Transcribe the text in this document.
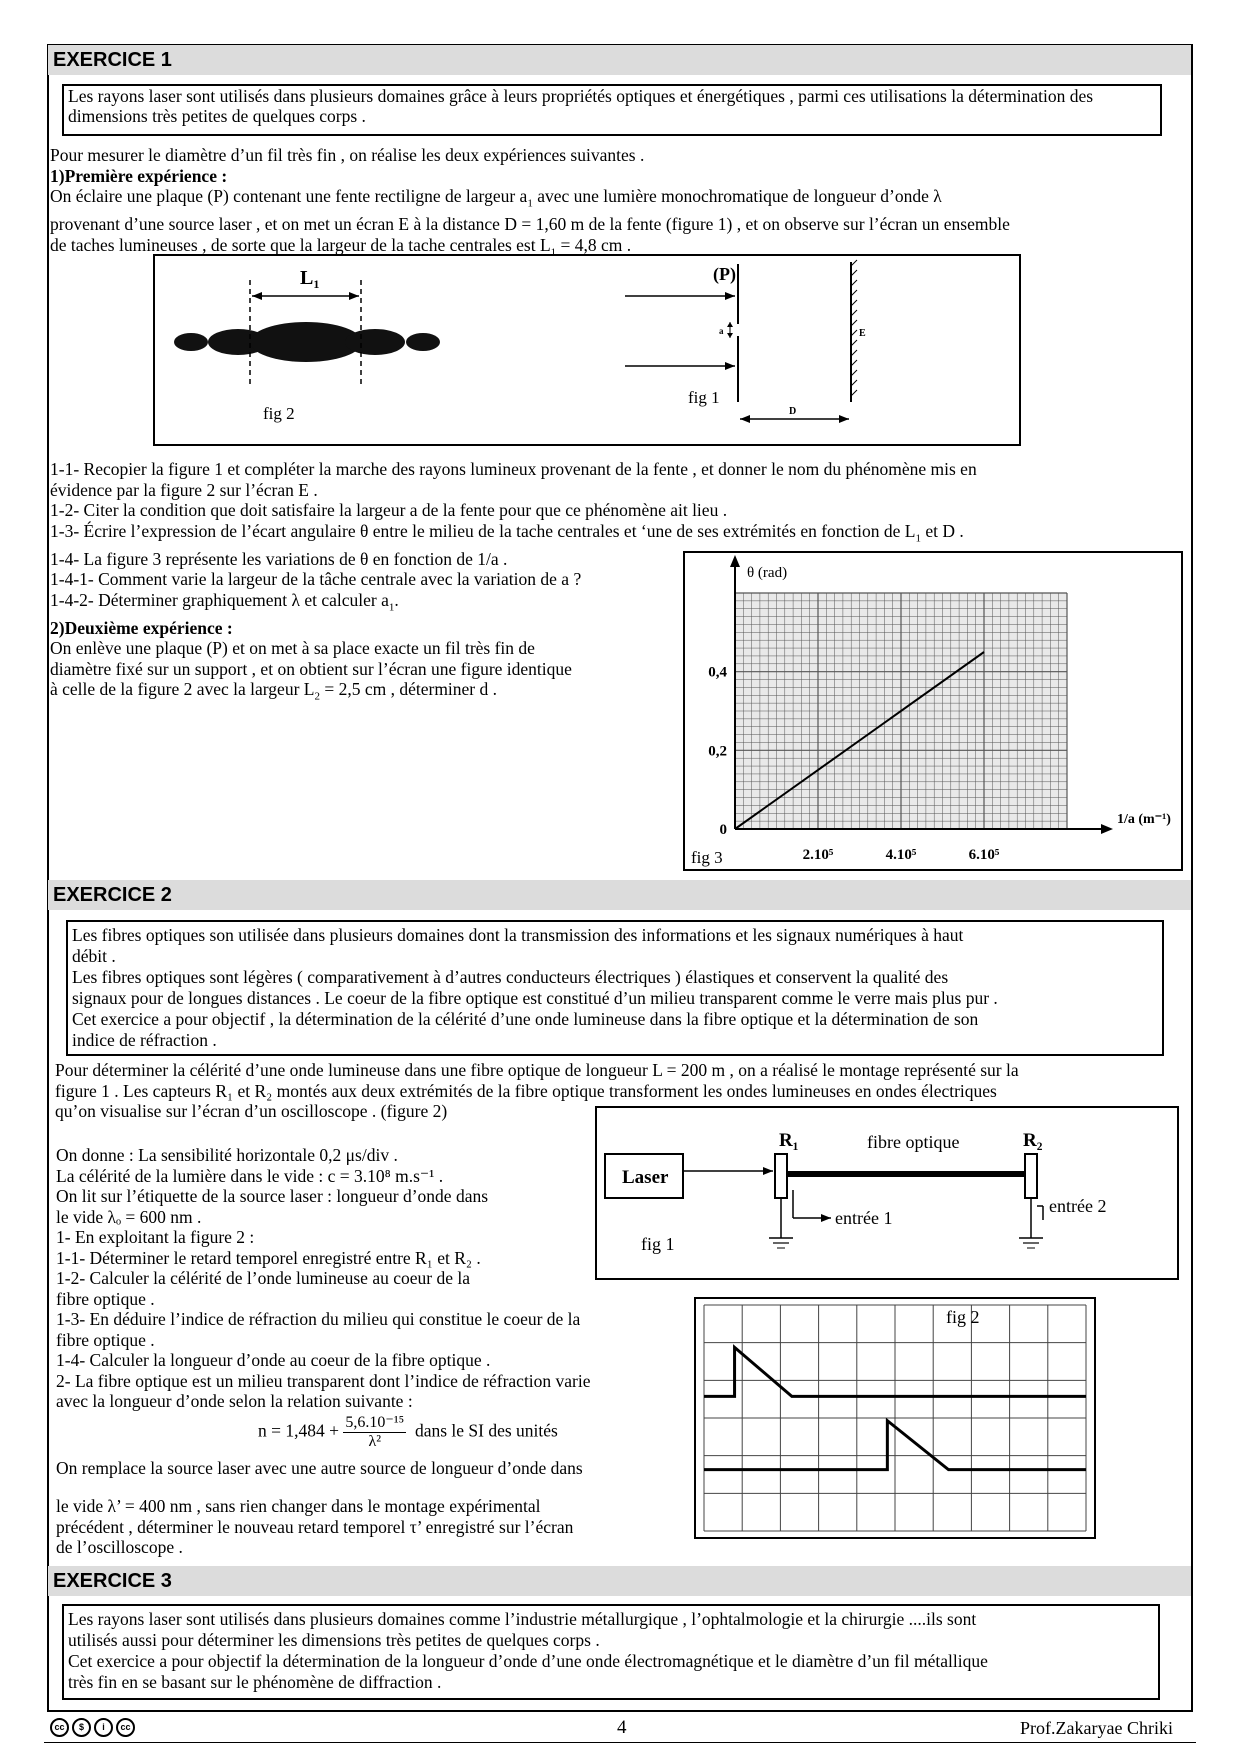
EXERCICE 1
Les rayons laser sont utilisés dans plusieurs domaines grâce à leurs propriétés optiques et énergétiques , parmi ces utilisations la détermination des dimensions très petites de quelques corps .
Pour mesurer le diamètre d’un fil très fin , on réalise les deux expériences suivantes .
1)Première expérience :
On éclaire une plaque (P) contenant une fente rectiligne de largeur $a_1$ avec une lumière monochromatique de longueur d’onde λ
provenant d’une source laser , et on met un écran E à la distance D = 1,60 m de la fente (figure 1) , et on observe sur l’écran un ensemble
de taches lumineuses , de sorte que la largeur de la tache centrales est $L_1 = 4,8$ cm .
$L_1$
a
(P)
E
D
fig 1
fig 2
1-1- Recopier la figure 1 et compléter la marche des rayons lumineux provenant de la fente , et donner le nom du phénomène mis en
évidence par la figure 2 sur l’écran E .
1-2- Citer la condition que doit satisfaire la largeur a de la fente pour que ce phénomène ait lieu .
1-3- Écrire l’expression de l’écart angulaire θ entre le milieu de la tache centrales et ‘une de ses extrémités en fonction de $L_1$ et D .
1-4- La figure 3 représente les variations de θ en fonction de 1/a .
1-4-1- Comment varie la largeur de la tâche centrale avec la variation de a ?
1-4-2- Déterminer graphiquement λ et calculer $a_1$.
2)Deuxième expérience :
On enlève une plaque (P) et on met à sa place exacte un fil très fin de
diamètre fixé sur un support , et on obtient sur l’écran une figure identique
à celle de la figure 2 avec la largeur $L_2 = 2,5$ cm , déterminer d .
0
0,2
0,4
2.10⁵	4.10⁵	6.10⁵
θ (rad)
1/a (m⁻¹)
fig 3
EXERCICE 2
Les fibres optiques son utilisée dans plusieurs domaines dont la transmission des informations et les signaux numériques à haut
débit .
Les fibres optiques sont légères ( comparativement à d’autres conducteurs électriques ) élastiques et conservent la qualité des
signaux pour de longues distances . Le coeur de la fibre optique est constitué d’un milieu transparent comme le verre mais plus pur .
Cet exercice a pour objectif , la détermination de la célérité d’une onde lumineuse dans la fibre optique et la détermination de son
indice de réfraction .
Pour déterminer la célérité d’une onde lumineuse dans une fibre optique de longueur L = 200 m , on a réalisé le montage représenté sur la
figure 1 . Les capteurs R₁ et R₂ montés aux deux extrémités de la fibre optique transforment les ondes lumineuses en ondes électriques
qu’on visualise sur l’écran d’un oscilloscope . (figure 2)
On donne : La sensibilité horizontale 0,2 μs/div .
La célérité de la lumière dans le vide : c = 3.10⁸ m.s⁻¹ .
On lit sur l’étiquette de la source laser : longueur d’onde dans
le vide λₒ = 600 nm .
1- En exploitant la figure 2 :
1-1- Déterminer le retard temporel enregistré entre R₁ et R₂ .
1-2- Calculer la célérité de l’onde lumineuse au coeur de la
fibre optique .
1-3- En déduire l’indice de réfraction du milieu qui constitue le coeur de la
fibre optique .
1-4- Calculer la longueur d’onde au coeur de la fibre optique .
2- La fibre optique est un milieu transparent dont l’indice de réfraction varie
avec la longueur d’onde selon la relation suivante :
$n = 1,484 + \frac{\text{5,6.10⁻¹⁵}}{\text{λ²}}$ dans le SI des unités
On remplace la source laser avec une autre source de longueur d’onde dans
le vide λ’ = 400 nm , sans rien changer dans le montage expérimental
précédent , déterminer le nouveau retard temporel τ’ enregistré sur l’écran
de l’oscilloscope .
Laser
R₁	R₂
fibre optique
entrée 1
entrée 2
fig 1
fig 2
EXERCICE 3
Les rayons laser sont utilisés dans plusieurs domaines comme l’industrie métallurgique , l’ophtalmologie et la chirurgie ....ils sont
utilisés aussi pour déterminer les dimensions très petites de quelques corps .
Cet exercice a pour objectif la détermination de la longueur d’onde d’une onde électromagnétique et le diamètre d’un fil métallique
très fin en se basant sur le phénomène de diffraction .
cc	$	i	cc	4	Prof.Zakaryae Chriki
